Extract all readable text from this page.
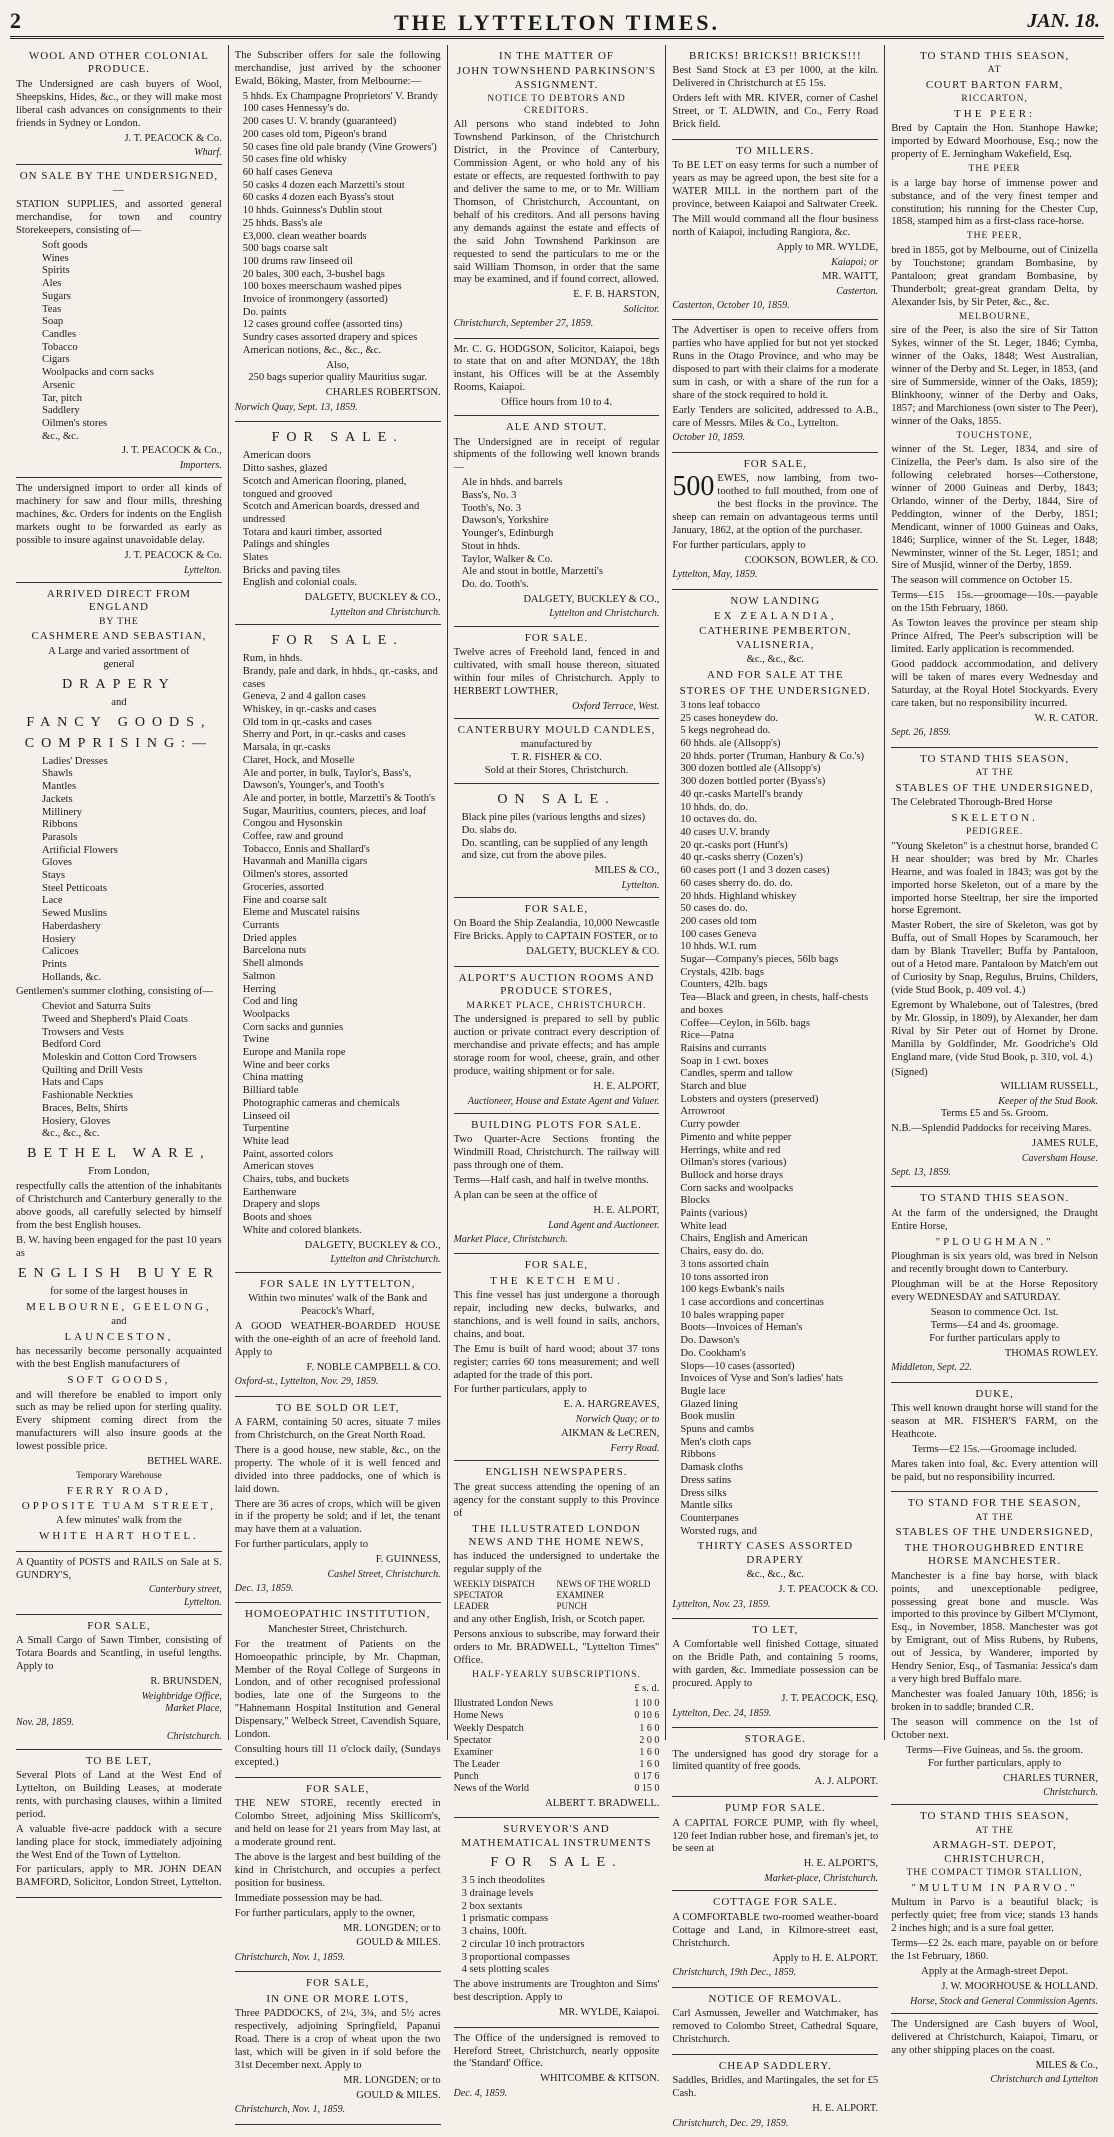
2	THE LYTTELTON TIMES.	JAN. 18.
WOOL AND OTHER COLONIAL PRODUCE.

The Undersigned are cash buyers of Wool, Sheepskins, Hides, &c., or they will make most liberal cash advances on consignments to their friends in Sydney or London.

J. T. PEACOCK & Co.
Wharf.
ON SALE BY THE UNDERSIGNED,—

STATION SUPPLIES, and assorted general merchandise, for town and country Storekeepers, consisting of—

Soft goods
Wines
Spirits
Ales
Sugars
Teas
Soap
Candles
Tobacco
Cigars
Woolpacks and corn sacks
Arsenic
Tar, pitch
Saddlery
Oilmen's stores
&c., &c.
J. T. PEACOCK & Co.,
Importers.

The undersigned import to order all kinds of machinery for saw and flour mills, threshing machines, &c. Orders for indents on the English markets ought to be forwarded as early as possible to insure against unavoidable delay.

J. T. PEACOCK & Co.
Lyttelton.
ARRIVED DIRECT FROM ENGLAND
BY THE
CASHMERE AND SEBASTIAN,
A Large and varied assortment of
general
DRAPERY
and
FANCY GOODS,
COMPRISING:—
Ladies' Dresses
Shawls
Mantles
Jackets
Millinery
Ribbons
Parasols
Artificial Flowers
Gloves
Stays
Steel Petticoats
Lace
Sewed Muslins
Haberdashery
Hosiery
Calicoes
Prints
Hollands, &c.

Gentlemen's summer clothing, consisting of—

Cheviot and Saturra Suits
Tweed and Shepherd's Plaid Coats
Trowsers and Vests
Bedford Cord
Moleskin and Cotton Cord Trowsers
Quilting and Drill Vests
Hats and Caps
Fashionable Neckties
Braces, Belts, Shirts
Hosiery, Gloves
&c., &c., &c.
BETHEL WARE,
From London,

respectfully calls the attention of the inhabitants of Christchurch and Canterbury generally to the above goods, all carefully selected by himself from the best English houses.

B. W. having been engaged for the past 10 years as

ENGLISH BUYER
for some of the largest houses in
MELBOURNE, GEELONG,
and
LAUNCESTON,

has necessarily become personally acquainted with the best English manufacturers of

SOFT GOODS,

and will therefore be enabled to import only such as may be relied upon for sterling quality. Every shipment coming direct from the manufacturers will also insure goods at the lowest possible price.

BETHEL WARE.
Temporary Warehouse
FERRY ROAD,
OPPOSITE TUAM STREET,
A few minutes' walk from the
WHITE HART HOTEL.

A Quantity of POSTS and RAILS on Sale at S. GUNDRY'S,

Canterbury street,
Lyttelton.
FOR SALE,

A Small Cargo of Sawn Timber, consisting of Totara Boards and Scantling, in useful lengths. Apply to

R. BRUNSDEN,
Weighbridge Office,
Market Place,
Nov. 28, 1859.
Christchurch.
TO BE LET,

Several Plots of Land at the West End of Lyttelton, on Building Leases, at moderate rents, with purchasing clauses, within a limited period.

A valuable five-acre paddock with a secure landing place for stock, immediately adjoining the West End of the Town of Lyttelton.

For particulars, apply to MR. JOHN DEAN BAMFORD, Solicitor, London Street, Lyttelton.

The Subscriber offers for sale the following merchandise, just arrived by the schooner Ewald, Böking, Master, from Melbourne:—

5 hhds. Ex Champagne Proprietors' V. Brandy
100 cases Hennessy's do.
200 cases U. V. brandy (guaranteed)
200 cases old tom, Pigeon's brand
50 cases fine old pale brandy (Vine Growers')
50 cases fine old whisky
60 half cases Geneva
50 casks 4 dozen each Marzetti's stout
60 casks 4 dozen each Byass's stout
10 hhds. Guinness's Dublin stout
25 hhds. Bass's ale
£3,000. clean weather boards
500 bags coarse salt
100 drums raw linseed oil
20 bales, 300 each, 3-bushel bags
100 boxes meerschaum washed pipes
Invoice of ironmongery (assorted)
Do. paints
12 cases ground coffee (assorted tins)
Sundry cases assorted drapery and spices
American notions, &c., &c., &c.
Also,
250 bags superior quality Mauritius sugar.
CHARLES ROBERTSON.
Norwich Quay, Sept. 13, 1859.
FOR SALE.
American doors
Ditto sashes, glazed
Scotch and American flooring, planed, tongued and grooved
Scotch and American boards, dressed and undressed
Totara and kauri timber, assorted
Palings and shingles
Slates
Bricks and paving tiles
English and colonial coals.
DALGETY, BUCKLEY & CO.,
Lyttelton and Christchurch.
FOR SALE.
Rum, in hhds.
Brandy, pale and dark, in hhds., qr.-casks, and cases
Geneva, 2 and 4 gallon cases
Whiskey, in qr.-casks and cases
Old tom in qr.-casks and cases
Sherry and Port, in qr.-casks and cases
Marsala, in qr.-casks
Claret, Hock, and Moselle
Ale and porter, in bulk, Taylor's, Bass's, Dawson's, Younger's, and Tooth's
Ale and porter, in bottle, Marzetti's & Tooth's
Sugar, Mauritius, counters, pieces, and loaf
Congou and Hysonskin
Coffee, raw and ground
Tobacco, Ennis and Shallard's
Havannah and Manilla cigars
Oilmen's stores, assorted
Groceries, assorted
Fine and coarse salt
Eleme and Muscatel raisins
Currants
Dried apples
Barcelona nuts
Shell almonds
Salmon
Herring
Cod and ling
Woolpacks
Corn sacks and gunnies
Twine
Europe and Manila rope
Wine and beer corks
China matting
Billiard table
Photographic cameras and chemicals
Linseed oil
Turpentine
White lead
Paint, assorted colors
American stoves
Chairs, tubs, and buckets
Earthenware
Drapery and slops
Boots and shoes
White and colored blankets.
DALGETY, BUCKLEY & CO.,
Lyttelton and Christchurch.
FOR SALE IN LYTTELTON,
Within two minutes' walk of the Bank and Peacock's Wharf,

A GOOD WEATHER-BOARDED HOUSE with the one-eighth of an acre of freehold land. Apply to

F. NOBLE CAMPBELL & CO.
Oxford-st., Lyttelton, Nov. 29, 1859.
TO BE SOLD OR LET,

A FARM, containing 50 acres, situate 7 miles from Christchurch, on the Great North Road.

There is a good house, new stable, &c., on the property. The whole of it is well fenced and divided into three paddocks, one of which is laid down.

There are 36 acres of crops, which will be given in if the property be sold; and if let, the tenant may have them at a valuation.

For further particulars, apply to

F. GUINNESS,
Cashel Street, Christchurch.
Dec. 13, 1859.
HOMOEOPATHIC INSTITUTION,
Manchester Street, Christchurch.

For the treatment of Patients on the Homoeopathic principle, by Mr. Chapman, Member of the Royal College of Surgeons in London, and of other recognised professional bodies, late one of the Surgeons to the "Hahnemann Hospital Institution and General Dispensary," Welbeck Street, Cavendish Square, London.

Consulting hours till 11 o'clock daily, (Sundays excepted.)

FOR SALE,

THE NEW STORE, recently erected in Colombo Street, adjoining Miss Skillicorn's, and held on lease for 21 years from May last, at a moderate ground rent.

The above is the largest and best building of the kind in Christchurch, and occupies a perfect position for business.

Immediate possession may be had.

For further particulars, apply to the owner,

MR. LONGDEN; or to
GOULD & MILES.
Christchurch, Nov. 1, 1859.
FOR SALE,
IN ONE OR MORE LOTS,

Three PADDOCKS, of 2¼, 3¾, and 5½ acres respectively, adjoining Springfield, Papanui Road. There is a crop of wheat upon the two last, which will be given in if sold before the 31st December next. Apply to

MR. LONGDEN; or to
GOULD & MILES.
Christchurch, Nov. 1, 1859.
IN THE MATTER OF
JOHN TOWNSHEND PARKINSON'S ASSIGNMENT.
NOTICE TO DEBTORS AND CREDITORS.

All persons who stand indebted to John Townshend Parkinson, of the Christchurch District, in the Province of Canterbury, Commission Agent, or who hold any of his estate or effects, are requested forthwith to pay and deliver the same to me, or to Mr. William Thomson, of Christchurch, Accountant, on behalf of his creditors. And all persons having any demands against the estate and effects of the said John Townshend Parkinson are requested to send the particulars to me or the said William Thomson, in order that the same may be examined, and if found correct, allowed.

E. F. B. HARSTON,
Solicitor.
Christchurch, September 27, 1859.

Mr. C. G. HODGSON, Solicitor, Kaiapoi, begs to state that on and after MONDAY, the 18th instant, his Offices will be at the Assembly Rooms, Kaiapoi.

Office hours from 10 to 4.
ALE AND STOUT.

The Undersigned are in receipt of regular shipments of the following well known brands—

Ale in hhds. and barrels
Bass's, No. 3
Tooth's, No. 3
Dawson's, Yorkshire
Younger's, Edinburgh
Stout in hhds.
Taylor, Walker & Co.
Ale and stout in bottle, Marzetti's
Do. do. Tooth's.
DALGETY, BUCKLEY & CO.,
Lyttelton and Christchurch.
FOR SALE.

Twelve acres of Freehold land, fenced in and cultivated, with small house thereon, situated within four miles of Christchurch. Apply to HERBERT LOWTHER,

Oxford Terrace, West.
CANTERBURY MOULD CANDLES,
manufactured by
T. R. FISHER & CO.
Sold at their Stores, Christchurch.
ON SALE.
Black pine piles (various lengths and sizes)
Do. slabs do.
Do. scantling, can be supplied of any length and size, cut from the above piles.
MILES & CO.,
Lyttelton.
FOR SALE,

On Board the Ship Zealandia, 10,000 Newcastle Fire Bricks. Apply to CAPTAIN FOSTER, or to

DALGETY, BUCKLEY & CO.
ALPORT'S AUCTION ROOMS AND PRODUCE STORES,
MARKET PLACE, CHRISTCHURCH.

The undersigned is prepared to sell by public auction or private contract every description of merchandise and private effects; and has ample storage room for wool, cheese, grain, and other produce, waiting shipment or for sale.

H. E. ALPORT,
Auctioneer, House and Estate Agent and Valuer.
BUILDING PLOTS FOR SALE.

Two Quarter-Acre Sections fronting the Windmill Road, Christchurch. The railway will pass through one of them.

Terms—Half cash, and half in twelve months.

A plan can be seen at the office of

H. E. ALPORT,
Land Agent and Auctioneer.
Market Place, Christchurch.
FOR SALE,
THE KETCH EMU.

This fine vessel has just undergone a thorough repair, including new decks, bulwarks, and stanchions, and is well found in sails, anchors, chains, and boat.

The Emu is built of hard wood; about 37 tons register; carries 60 tons measurement; and well adapted for the trade of this port.

For further particulars, apply to

E. A. HARGREAVES,
Norwich Quay; or to
AIKMAN & LeCREN,
Ferry Road.
ENGLISH NEWSPAPERS.

The great success attending the opening of an agency for the constant supply to this Province of

THE ILLUSTRATED LONDON NEWS AND THE HOME NEWS,

has induced the undersigned to undertake the regular supply of the

WEEKLY DISPATCH
SPECTATOR
LEADER
NEWS OF THE WORLD
EXAMINER
PUNCH

and any other English, Irish, or Scotch paper.

Persons anxious to subscribe, may forward their orders to Mr. BRADWELL, "Lyttelton Times" Office.

HALF-YEARLY SUBSCRIPTIONS.
£ s. d.
Illustrated London News	1 10 0
Home News	0 10 6
Weekly Despatch	1 6 0
Spectator	2 0 0
Examiner	1 6 0
The Leader	1 6 0
Punch	0 17 6
News of the World	0 15 0
ALBERT T. BRADWELL.
SURVEYOR'S AND MATHEMATICAL INSTRUMENTS
FOR SALE.
3 5 inch theodolites
3 drainage levels
2 box sextants
1 prismatic compass
3 chains, 100ft.
2 circular 10 inch protractors
3 proportional compasses
4 sets plotting scales

The above instruments are Troughton and Sims' best description. Apply to

MR. WYLDE, Kaiapoi.

The Office of the undersigned is removed to Hereford Street, Christchurch, nearly opposite the 'Standard' Office.

WHITCOMBE & KITSON.
Dec. 4, 1859.
BRICKS! BRICKS!! BRICKS!!!

Best Sand Stock at £3 per 1000, at the kiln. Delivered in Christchurch at £5 15s.

Orders left with MR. KIVER, corner of Cashel Street, or T. ALDWIN, and Co., Ferry Road Brick field.

TO MILLERS.

To BE LET on easy terms for such a number of years as may be agreed upon, the best site for a WATER MILL in the northern part of the province, between Kaiapoi and Saltwater Creek.

The Mill would command all the flour business north of Kaiapoi, including Rangiora, &c.

Apply to MR. WYLDE,
Kaiapoi; or
MR. WAITT,
Casterton.
Casterton, October 10, 1859.

The Advertiser is open to receive offers from parties who have applied for but not yet stocked Runs in the Otago Province, and who may be disposed to part with their claims for a moderate sum in cash, or with a share of the run for a share of the stock required to hold it.

Early Tenders are solicited, addressed to A.B., care of Messrs. Miles & Co., Lyttelton.

October 10, 1859.
FOR SALE,

500 EWES, now lambing, from two-toothed to full mouthed, from one of the best flocks in the province. The sheep can remain on advantageous terms until January, 1862, at the option of the purchaser.

For further particulars, apply to

COOKSON, BOWLER, & CO.
Lyttelton, May, 1859.
NOW LANDING
EX ZEALANDIA,
CATHERINE PEMBERTON, VALISNERIA,
&c., &c., &c.
AND FOR SALE AT THE
STORES OF THE UNDERSIGNED.
3 tons leaf tobacco
25 cases honeydew do.
5 kegs negrohead do.
60 hhds. ale (Allsopp's)
20 hhds. porter (Truman, Hanbury & Co.'s)
300 dozen bottled ale (Allsopp's)
300 dozen bottled porter (Byass's)
40 qr.-casks Martell's brandy
10 hhds. do. do.
10 octaves do. do.
40 cases U.V. brandy
20 qr.-casks port (Hunt's)
40 qr.-casks sherry (Cozen's)
60 cases port (1 and 3 dozen cases)
60 cases sherry do. do. do.
20 hhds. Highland whiskey
50 cases do. do.
200 cases old tom
100 cases Geneva
10 hhds. W.I. rum
Sugar—Company's pieces, 56lb bags
Crystals, 42lb. bags
Counters, 42lb. bags
Tea—Black and green, in chests, half-chests and boxes
Coffee—Ceylon, in 56lb. bags
Rice—Patna
Raisins and currants
Soap in 1 cwt. boxes
Candles, sperm and tallow
Starch and blue
Lobsters and oysters (preserved)
Arrowroot
Curry powder
Pimento and white pepper
Herrings, white and red
Oilman's stores (various)
Bullock and horse drays
Corn sacks and woolpacks
Blocks
Paints (various)
White lead
Chairs, English and American
Chairs, easy do. do.
3 tons assorted chain
10 tons assorted iron
100 kegs Ewbank's nails
1 case accordions and concertinas
10 bales wrapping paper
Boots—Invoices of Heman's
Do. Dawson's
Do. Cookham's
Slops—10 cases (assorted)
Invoices of Vyse and Son's ladies' hats
Bugle lace
Glazed lining
Book muslin
Spuns and cambs
Men's cloth caps
Ribbons
Damask cloths
Dress satins
Dress silks
Mantle silks
Counterpanes
Worsted rugs, and
THIRTY CASES ASSORTED DRAPERY
&c., &c., &c.
J. T. PEACOCK & CO.
Lyttelton, Nov. 23, 1859.
TO LET,

A Comfortable well finished Cottage, situated on the Bridle Path, and containing 5 rooms, with garden, &c. Immediate possession can be procured. Apply to

J. T. PEACOCK, ESQ.
Lyttelton, Dec. 24, 1859.
STORAGE.

The undersigned has good dry storage for a limited quantity of free goods.

A. J. ALPORT.
PUMP FOR SALE.

A CAPITAL FORCE PUMP, with fly wheel, 120 feet Indian rubber hose, and fireman's jet, to be seen at

H. E. ALPORT'S,
Market-place, Christchurch.
COTTAGE FOR SALE.

A COMFORTABLE two-roomed weather-board Cottage and Land, in Kilmore-street east, Christchurch.

Apply to H. E. ALPORT.
Christchurch, 19th Dec., 1859.
NOTICE OF REMOVAL.

Carl Asmussen, Jeweller and Watchmaker, has removed to Colombo Street, Cathedral Square, Christchurch.

CHEAP SADDLERY.

Saddles, Bridles, and Martingales, the set for £5 Cash.

H. E. ALPORT.
Christchurch, Dec. 29, 1859.
TO STAND THIS SEASON,
AT
COURT BARTON FARM,
RICCARTON,
THE PEER:

Bred by Captain the Hon. Stanhope Hawke; imported by Edward Moorhouse, Esq.; now the property of E. Jerningham Wakefield, Esq.

THE PEER

is a large bay horse of immense power and substance, and of the very finest temper and constitution; his running for the Chester Cup, 1858, stamped him as a first-class race-horse.

THE PEER,

bred in 1855, got by Melbourne, out of Cinizella by Touchstone; grandam Bombasine, by Pantaloon; great grandam Bombasine, by Thunderbolt; great-great grandam Delta, by Alexander Isis, by Sir Peter, &c., &c.

MELBOURNE,

sire of the Peer, is also the sire of Sir Tatton Sykes, winner of the St. Leger, 1846; Cymba, winner of the Oaks, 1848; West Australian, winner of the Derby and St. Leger, in 1853, (and sire of Summerside, winner of the Oaks, 1859); Blinkhoony, winner of the Derby and Oaks, 1857; and Marchioness (own sister to The Peer), winner of the Oaks, 1855.

TOUCHSTONE,

winner of the St. Leger, 1834, and sire of Cinizella, the Peer's dam. Is also sire of the following celebrated horses—Cotherstone, winner of 2000 Guineas and Derby, 1843; Orlando, winner of the Derby, 1844, Sire of Peddington, winner of the Derby, 1851; Mendicant, winner of 1000 Guineas and Oaks, 1846; Surplice, winner of the St. Leger, 1848; Newminster, winner of the St. Leger, 1851; and Sire of Musjid, winner of the Derby, 1859.

The season will commence on October 15.

Terms—£15 15s.—groomage—10s.—payable on the 15th February, 1860.

As Towton leaves the province per steam ship Prince Alfred, The Peer's subscription will be limited. Early application is recommended.

Good paddock accommodation, and delivery will be taken of mares every Wednesday and Saturday, at the Royal Hotel Stockyards. Every care taken, but no responsibility incurred.

W. R. CATOR.
Sept. 26, 1859.
TO STAND THIS SEASON,
AT THE
STABLES OF THE UNDERSIGNED,

The Celebrated Thorough-Bred Horse

SKELETON.
PEDIGREE.

"Young Skeleton" is a chestnut horse, branded C H near shoulder; was bred by Mr. Charles Hearne, and was foaled in 1843; was got by the imported horse Skeleton, out of a mare by the imported horse Steeltrap, her sire the imported horse Egremont.

Master Robert, the sire of Skeleton, was got by Buffa, out of Small Hopes by Scaramouch, her dam by Blank Traveller; Buffa by Pantaloon, out of a Hetod mare. Pantaloon by Match'em out of Curiosity by Snap, Regulus, Bruins, Childers, (vide Stud Book, p. 409 vol. 4.)

Egremont by Whalebone, out of Talestres, (bred by Mr. Glossip, in 1809), by Alexander, her dam Rival by Sir Peter out of Hornet by Drone. Manilla by Goldfinder, Mr. Goodriche's Old England mare, (vide Stud Book, p. 310, vol. 4.)

(Signed)
WILLIAM RUSSELL,
Keeper of the Stud Book.
Terms £5 and 5s. Groom.

N.B.—Splendid Paddocks for receiving Mares.

JAMES RULE,
Caversham House.
Sept. 13, 1859.
TO STAND THIS SEASON.

At the farm of the undersigned, the Draught Entire Horse,

"PLOUGHMAN."

Ploughman is six years old, was bred in Nelson and recently brought down to Canterbury.

Ploughman will be at the Horse Repository every WEDNESDAY and SATURDAY.

Season to commence Oct. 1st.
Terms—£4 and 4s. groomage.
For further particulars apply to
THOMAS ROWLEY.
Middleton, Sept. 22.
DUKE,

This well known draught horse will stand for the season at MR. FISHER'S FARM, on the Heathcote.

Terms—£2 15s.—Groomage included.

Mares taken into foal, &c. Every attention will be paid, but no responsibility incurred.

TO STAND FOR THE SEASON,
AT THE
STABLES OF THE UNDERSIGNED,
THE THOROUGHBRED ENTIRE HORSE MANCHESTER.

Manchester is a fine bay horse, with black points, and unexceptionable pedigree, possessing great bone and muscle. Was imported to this province by Gilbert M'Clymont, Esq., in November, 1858. Manchester was got by Emigrant, out of Miss Rubens, by Rubens, out of Jessica, by Wanderer, imported by Hendry Senior, Esq., of Tasmania: Jessica's dam a very high bred Buffalo mare.

Manchester was foaled January 10th, 1856; is broken in to saddle; branded C.R.

The season will commence on the 1st of October next.

Terms—Five Guineas, and 5s. the groom.
For further particulars, apply to
CHARLES TURNER,
Christchurch.
TO STAND THIS SEASON,
AT THE
ARMAGH-ST. DEPOT, CHRISTCHURCH,
THE COMPACT TIMOR STALLION,
"MULTUM IN PARVO."

Multum in Parvo is a beautiful black; is perfectly quiet; free from vice; stands 13 hands 2 inches high; and is a sure foal getter.

Terms—£2 2s. each mare, payable on or before the 1st February, 1860.

Apply at the Armagh-street Depot.
J. W. MOORHOUSE & HOLLAND.
Horse, Stock and General Commission Agents.

The Undersigned are Cash buyers of Wool, delivered at Christchurch, Kaiapoi, Timaru, or any other shipping places on the coast.

MILES & Co.,
Christchurch and Lyttelton
